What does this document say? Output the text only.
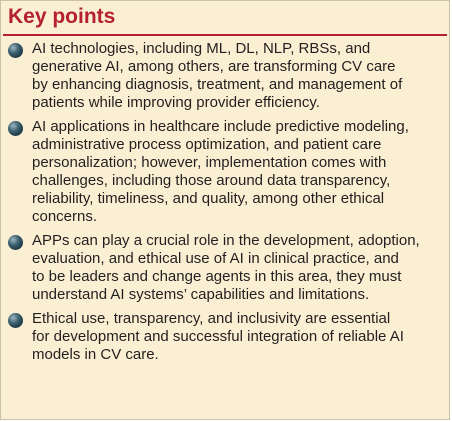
Key points
AI technologies, including ML, DL, NLP, RBSs, and
generative AI, among others, are transforming CV care
by enhancing diagnosis, treatment, and management of
patients while improving provider efficiency.
AI applications in healthcare include predictive modeling,
administrative process optimization, and patient care
personalization; however, implementation comes with
challenges, including those around data transparency,
reliability, timeliness, and quality, among other ethical
concerns.
APPs can play a crucial role in the development, adoption,
evaluation, and ethical use of AI in clinical practice, and
to be leaders and change agents in this area, they must
understand AI systems’ capabilities and limitations.
Ethical use, transparency, and inclusivity are essential
for development and successful integration of reliable AI
models in CV care.
